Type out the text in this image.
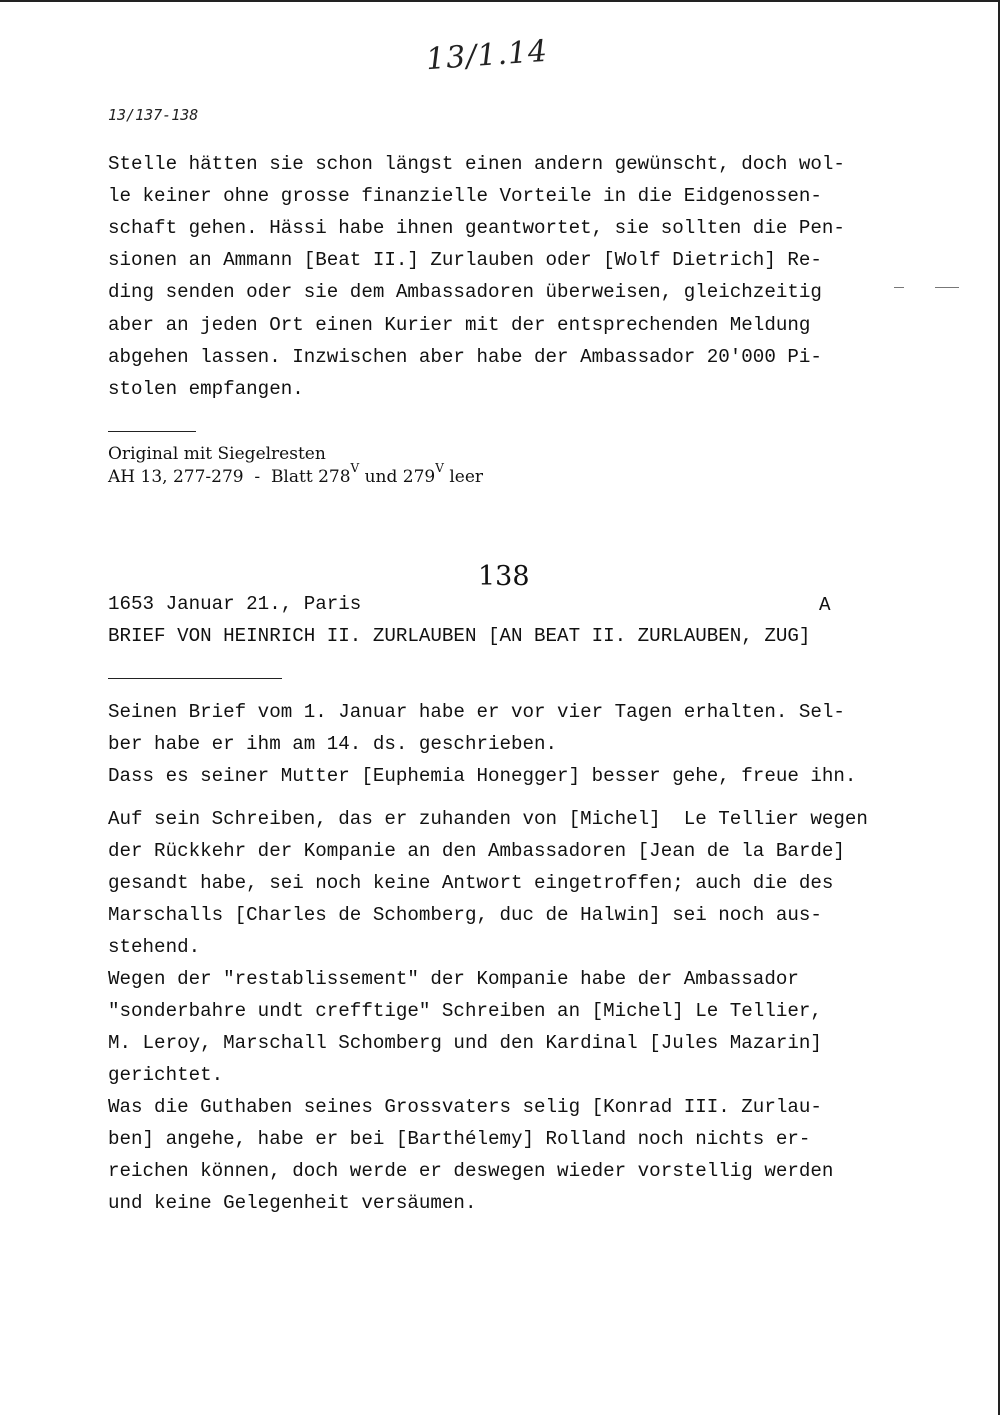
13/1.14
13/137-138
Stelle hätten sie schon längst einen andern gewünscht, doch wol-
le keiner ohne grosse finanzielle Vorteile in die Eidgenossen-
schaft gehen. Hässi habe ihnen geantwortet, sie sollten die Pen-
sionen an Ammann [Beat II.] Zurlauben oder [Wolf Dietrich] Re-
ding senden oder sie dem Ambassadoren überweisen, gleichzeitig
aber an jeden Ort einen Kurier mit der entsprechenden Meldung
abgehen lassen. Inzwischen aber habe der Ambassador 20'000 Pi-
stolen empfangen.
Original mit Siegelresten
AH 13, 277-279  -  Blatt $278^V$ und $279^V$ leer
138
1653 Januar 21., Paris	A
BRIEF VON HEINRICH II. ZURLAUBEN [AN BEAT II. ZURLAUBEN, ZUG]
Seinen Brief vom 1. Januar habe er vor vier Tagen erhalten. Sel-
ber habe er ihm am 14. ds. geschrieben.
Dass es seiner Mutter [Euphemia Honegger] besser gehe, freue ihn.
Auf sein Schreiben, das er zuhanden von [Michel]  Le Tellier wegen
der Rückkehr der Kompanie an den Ambassadoren [Jean de la Barde]
gesandt habe, sei noch keine Antwort eingetroffen; auch die des
Marschalls [Charles de Schomberg, duc de Halwin] sei noch aus-
stehend.
Wegen der "restablissement" der Kompanie habe der Ambassador
"sonderbahre undt crefftige" Schreiben an [Michel] Le Tellier,
M. Leroy, Marschall Schomberg und den Kardinal [Jules Mazarin]
gerichtet.
Was die Guthaben seines Grossvaters selig [Konrad III. Zurlau-
ben] angehe, habe er bei [Barthélemy] Rolland noch nichts er-
reichen können, doch werde er deswegen wieder vorstellig werden
und keine Gelegenheit versäumen.
